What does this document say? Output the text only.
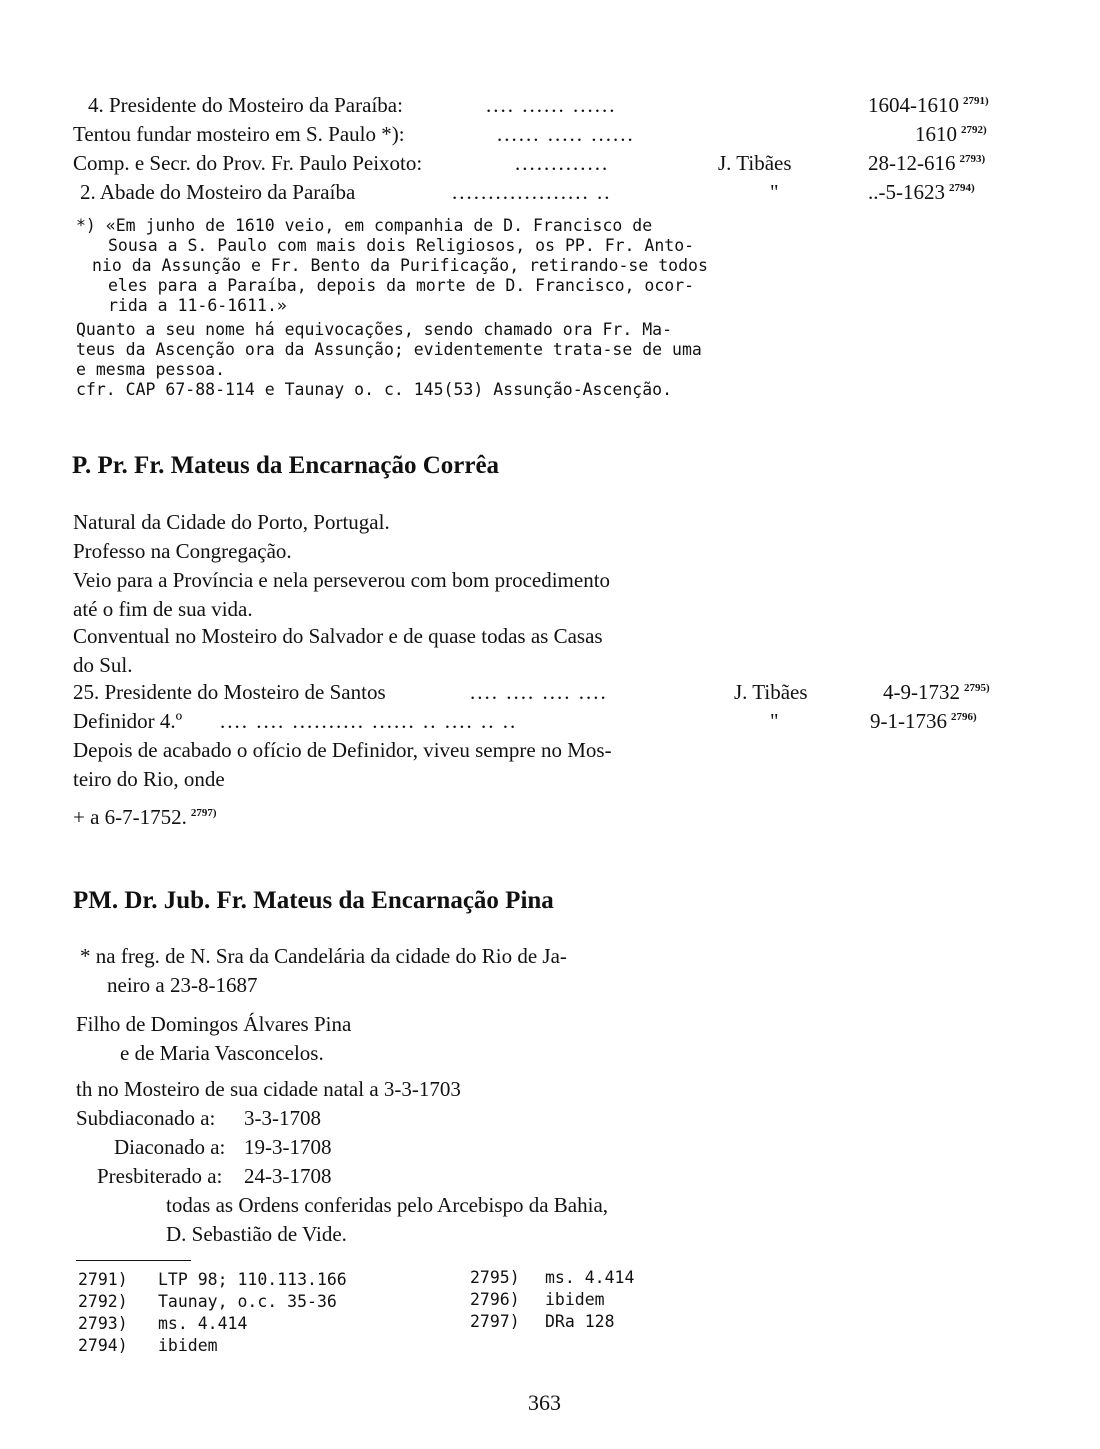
4. Presidente do Mosteiro da Paraíba:	.... ...... ......	1604-1610 $^{2791)}$
Tentou fundar mosteiro em S. Paulo *):	...... ..... ......	1610 $^{2792)}$
Comp. e Secr. do Prov. Fr. Paulo Peixoto:	.............	J. Tibães	28-12-616 $^{2793)}$
2. Abade do Mosteiro da Paraíba	................... ..	"	..-5-1623 $^{2794)}$
*) «Em junho de 1610 veio, em companhia de D. Francisco de
Sousa a S. Paulo com mais dois Religiosos, os PP. Fr. Anto-
nio da Assunção e Fr. Bento da Purificação, retirando-se todos
eles para a Paraíba, depois da morte de D. Francisco, ocor-
rida a 11-6-1611.»
Quanto a seu nome há equivocações, sendo chamado ora Fr. Ma-
teus da Ascenção ora da Assunção; evidentemente trata-se de uma
e mesma pessoa.
cfr. CAP 67-88-114 e Taunay o. c. 145(53) Assunção-Ascenção.
P. Pr. Fr. Mateus da Encarnação Corrêa
Natural da Cidade do Porto, Portugal.
Professo na Congregação.
Veio para a Província e nela perseverou com bom procedimento
até o fim de sua vida.
Conventual no Mosteiro do Salvador e de quase todas as Casas
do Sul.
25. Presidente do Mosteiro de Santos	.... .... .... ....	J. Tibães	4-9-1732 $^{2795)}$
Definidor 4.º .... .... .......... ...... .. .... .. ..	"	9-1-1736 $^{2796)}$
Depois de acabado o ofício de Definidor, viveu sempre no Mos-
teiro do Rio, onde
+ a 6-7-1752. $^{2797)}$
PM. Dr. Jub. Fr. Mateus da Encarnação Pina
* na freg. de N. Sra da Candelária da cidade do Rio de Ja-
neiro a 23-8-1687
Filho de Domingos Álvares Pina
e de Maria Vasconcelos.
th no Mosteiro de sua cidade natal a 3-3-1703
Subdiaconado a: 3-3-1708
Diaconado a: 19-3-1708
Presbiterado a: 24-3-1708
todas as Ordens conferidas pelo Arcebispo da Bahia,
D. Sebastião de Vide.
2791) LTP 98; 110.113.166
2792) Taunay, o.c. 35-36
2793) ms. 4.414
2794) ibidem
2795) ms. 4.414
2796) ibidem
2797) DRa 128
363
